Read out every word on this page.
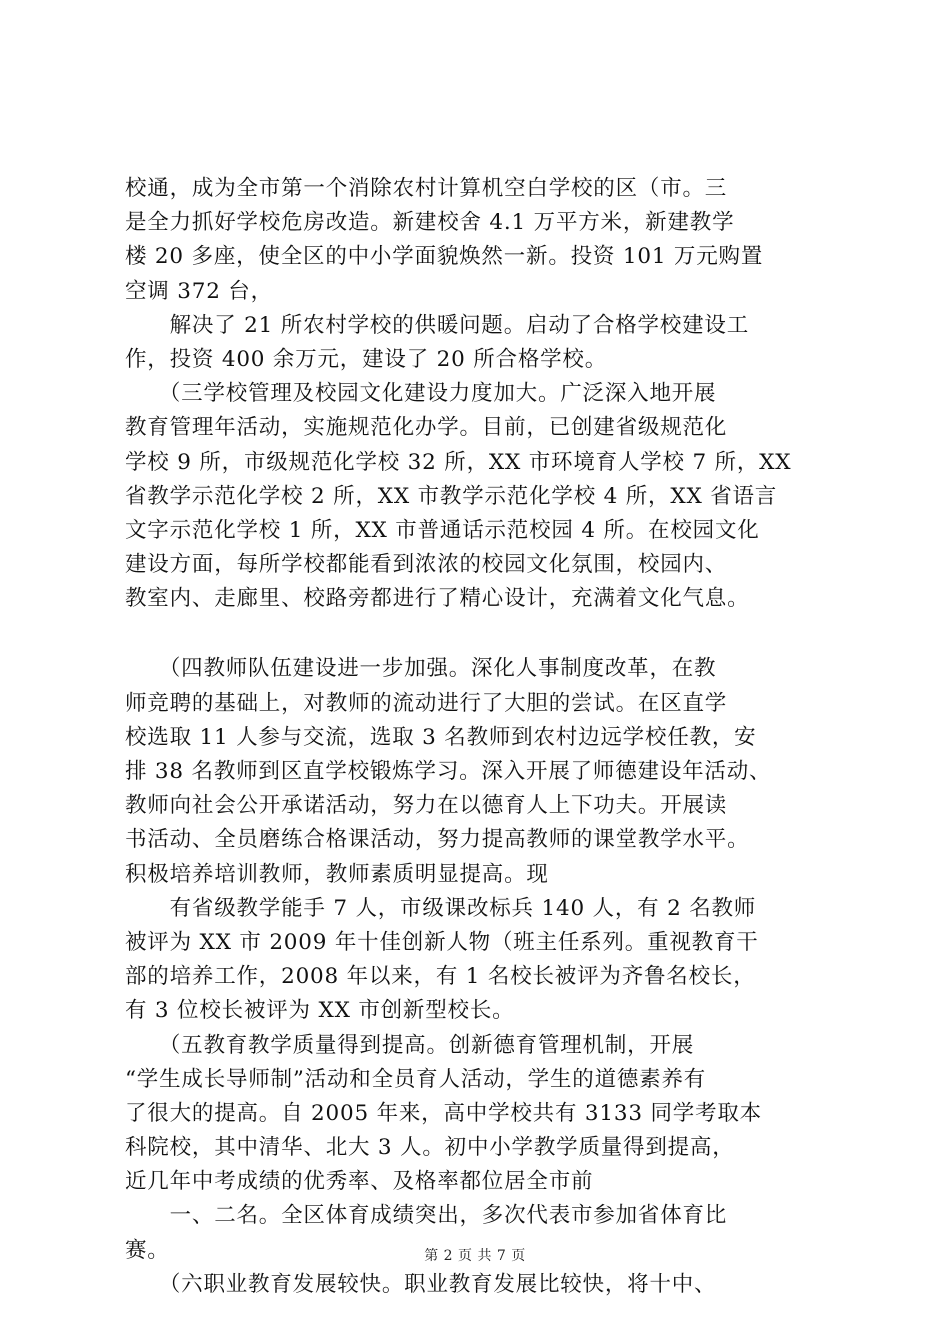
校通，成为全市第一个消除农村计算机空白学校的区（市。三
是全力抓好学校危房改造。新建校舍 4.1 万平方米，新建教学
楼 20 多座，使全区的中小学面貌焕然一新。投资 101 万元购置
空调 372 台，
　　解决了 21 所农村学校的供暖问题。启动了合格学校建设工
作，投资 400 余万元，建设了 20 所合格学校。
　　（三学校管理及校园文化建设力度加大。广泛深入地开展
教育管理年活动，实施规范化办学。目前，已创建省级规范化
学校 9 所，市级规范化学校 32 所，XX 市环境育人学校 7 所，XX
省教学示范化学校 2 所，XX 市教学示范化学校 4 所，XX 省语言
文字示范化学校 1 所，XX 市普通话示范校园 4 所。在校园文化
建设方面，每所学校都能看到浓浓的校园文化氛围，校园内、
教室内、走廊里、校路旁都进行了精心设计，充满着文化气息。
　　（四教师队伍建设进一步加强。深化人事制度改革，在教
师竞聘的基础上，对教师的流动进行了大胆的尝试。在区直学
校选取 11 人参与交流，选取 3 名教师到农村边远学校任教，安
排 38 名教师到区直学校锻炼学习。深入开展了师德建设年活动、
教师向社会公开承诺活动，努力在以德育人上下功夫。开展读
书活动、全员磨练合格课活动，努力提高教师的课堂教学水平。
积极培养培训教师，教师素质明显提高。现
　　有省级教学能手 7 人，市级课改标兵 140 人，有 2 名教师
被评为 XX 市 2009 年十佳创新人物（班主任系列。重视教育干
部的培养工作，2008 年以来，有 1 名校长被评为齐鲁名校长，
有 3 位校长被评为 XX 市创新型校长。
　　（五教育教学质量得到提高。创新德育管理机制，开展
“学生成长导师制”活动和全员育人活动，学生的道德素养有
了很大的提高。自 2005 年来，高中学校共有 3133 同学考取本
科院校，其中清华、北大 3 人。初中小学教学质量得到提高，
近几年中考成绩的优秀率、及格率都位居全市前
　　一、二名。全区体育成绩突出，多次代表市参加省体育比
赛。
　　（六职业教育发展较快。职业教育发展比较快，将十中、
第 2 页 共 7 页
